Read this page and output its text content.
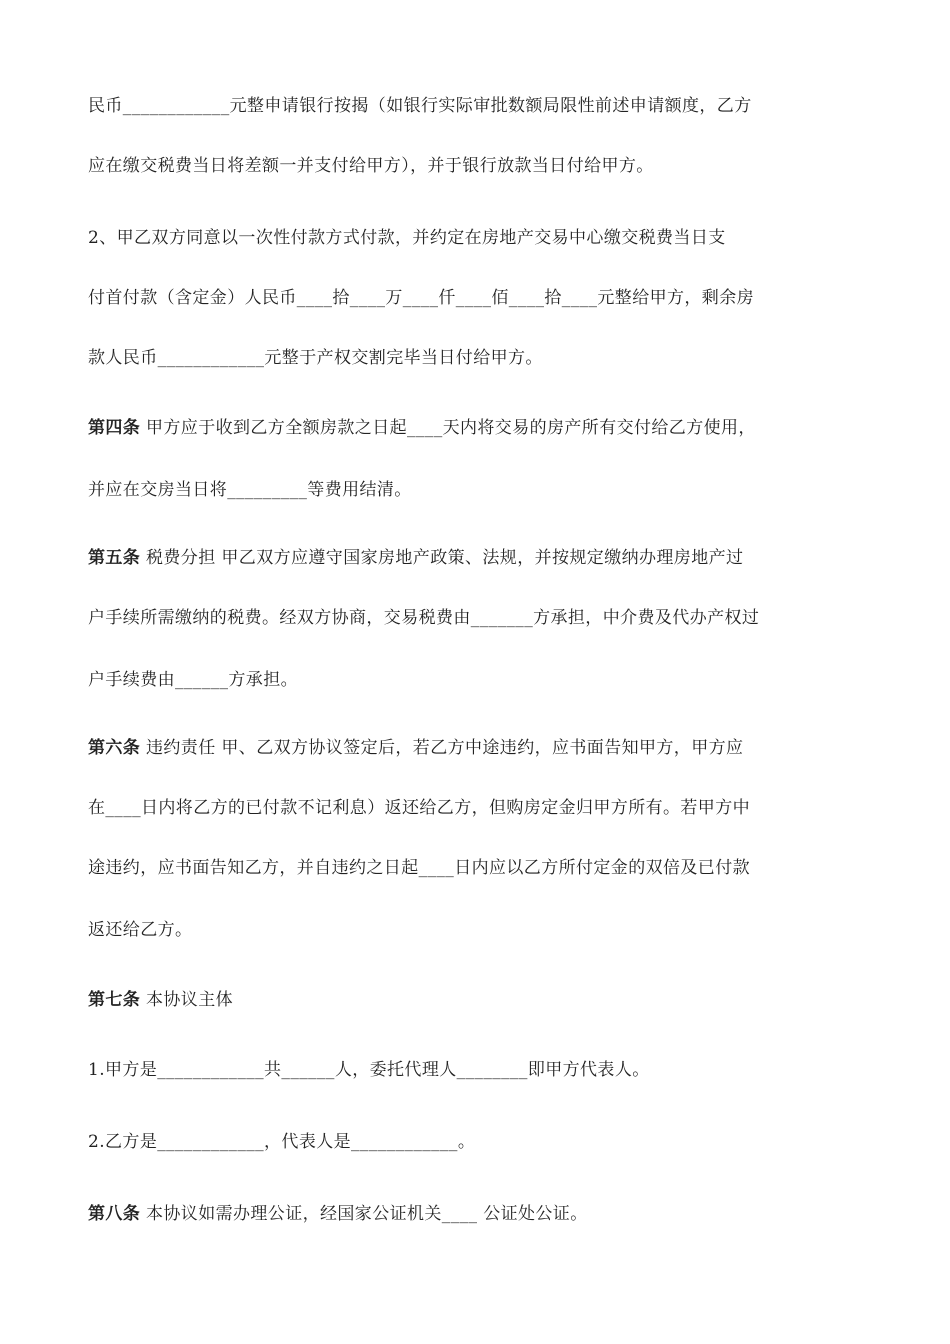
民币____________元整申请银行按揭（如银行实际审批数额局限性前述申请额度，乙方
应在缴交税费当日将差额一并支付给甲方），并于银行放款当日付给甲方。
2、甲乙双方同意以一次性付款方式付款，并约定在房地产交易中心缴交税费当日支
付首付款（含定金）人民币____拾____万____仟____佰____拾____元整给甲方，剩余房
款人民币____________元整于产权交割完毕当日付给甲方。
第四条 甲方应于收到乙方全额房款之日起____天内将交易的房产所有交付给乙方使用，
并应在交房当日将_________等费用结清。
第五条 税费分担 甲乙双方应遵守国家房地产政策、法规，并按规定缴纳办理房地产过
户手续所需缴纳的税费。经双方协商，交易税费由_______方承担，中介费及代办产权过
户手续费由______方承担。
第六条 违约责任 甲、乙双方协议签定后，若乙方中途违约，应书面告知甲方，甲方应
在____日内将乙方的已付款不记利息）返还给乙方，但购房定金归甲方所有。若甲方中
途违约，应书面告知乙方，并自违约之日起____日内应以乙方所付定金的双倍及已付款
返还给乙方。
第七条 本协议主体
1.甲方是____________共______人，委托代理人________即甲方代表人。
2.乙方是____________，代表人是____________。
第八条 本协议如需办理公证，经国家公证机关____ 公证处公证。
